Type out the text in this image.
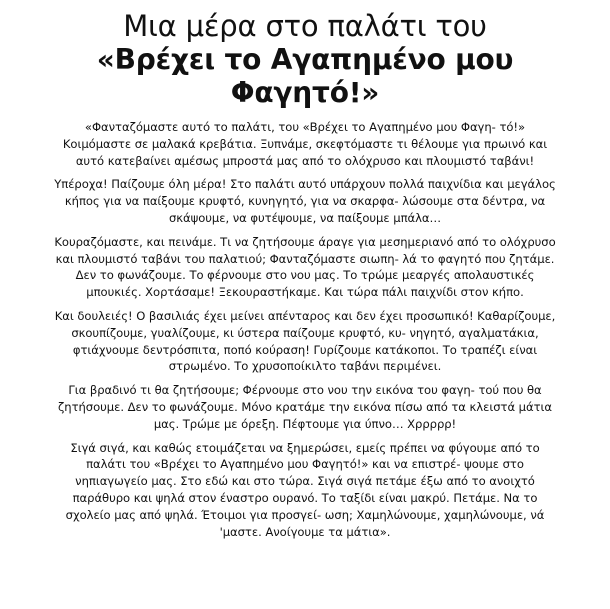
Μια μέρα στο παλάτι του
«Βρέχει το Αγαπημένο μου Φαγητό!»

«Φανταζόμαστε αυτό το παλάτι, του «Βρέχει το Αγαπημένο μου Φαγη- τό!» Κοιμόμαστε σε μαλακά κρεβάτια. Ξυπνάμε, σκεφτόμαστε τι θέλουμε για πρωινό και αυτό κατεβαίνει αμέσως μπροστά μας από το ολόχρυσο και πλουμιστό ταβάνι!

Υπέροχα! Παίζουμε όλη μέρα! Στο παλάτι αυτό υπάρχουν πολλά παιχνίδια και μεγάλος κήπος για να παίξουμε κρυφτό, κυνηγητό, για να σκαρφα- λώσουμε στα δέντρα, να σκάψουμε, να φυτέψουμε, να παίξουμε μπάλα…

Κουραζόμαστε, και πεινάμε. Τι να ζητήσουμε άραγε για μεσημεριανό από το ολόχρυσο και πλουμιστό ταβάνι του παλατιού; Φανταζόμαστε σιωπη- λά το φαγητό που ζητάμε. Δεν το φωνάζουμε. Το φέρνουμε στο νου μας. Το τρώμε μεαργές απολαυστικές μπουκιές. Χορτάσαμε! Ξεκουραστήκαμε. Και τώρα πάλι παιχνίδι στον κήπο.

Και δουλειές! Ο βασιλιάς έχει μείνει απένταρος και δεν έχει προσωπικό! Καθαρίζουμε, σκουπίζουμε, γυαλίζουμε, κι ύστερα παίζουμε κρυφτό, κυ- νηγητό, αγαλματάκια, φτιάχνουμε δεντρόσπιτα, ποπό κούραση! Γυρίζουμε κατάκοποι. Το τραπέζι είναι στρωμένο. Το χρυσοποίκιλτο ταβάνι περιμένει.

Για βραδινό τι θα ζητήσουμε; Φέρνουμε στο νου την εικόνα του φαγη- τού που θα ζητήσουμε. Δεν το φωνάζουμε. Μόνο κρατάμε την εικόνα πίσω από τα κλειστά μάτια μας. Τρώμε με όρεξη. Πέφτουμε για ύπνο… Χρρρρρ!

Σιγά σιγά, και καθώς ετοιμάζεται να ξημερώσει, εμείς πρέπει να φύγουμε από το παλάτι του «Βρέχει το Αγαπημένο μου Φαγητό!» και να επιστρέ- ψουμε στο νηπιαγωγείο μας. Στο εδώ και στο τώρα. Σιγά σιγά πετάμε έξω από το ανοιχτό παράθυρο και ψηλά στον έναστρο ουρανό. Το ταξίδι είναι μακρύ. Πετάμε. Να το σχολείο μας από ψηλά. Έτοιμοι για προσγεί- ωση; Χαμηλώνουμε, χαμηλώνουμε, νά 'μαστε. Ανοίγουμε τα μάτια».
